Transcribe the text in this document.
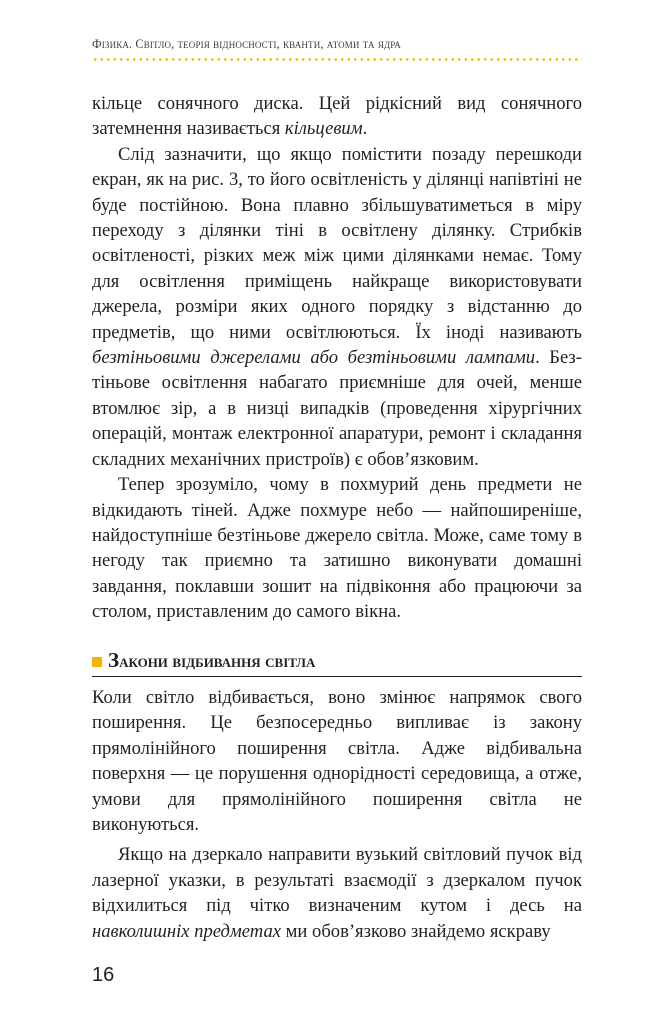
Фізика. Світло, теорія відносності, кванти, атоми та ядра

кільце сонячного диска. Цей рідкісний вид сонячного затемнення називається кільцевим.

Слід зазначити, що якщо помістити позаду перешкоди екран, як на рис. 3, то його освітленість у ділянці напівтіні не буде постійною. Вона плавно збільшуватиметься в міру переходу з ділянки тіні в освітлену ділянку. Стрибків освітленості, різких меж між цими ділянками немає. Тому для освітлення приміщень найкраще використовувати джерела, розміри яких одного порядку з відстанню до предметів, що ними освітлюються. Їх іноді називають безтіньовими джерелами або безтіньовими лампами. Безтіньове освітлення набагато приємніше для очей, менше втомлює зір, а в низці випадків (проведення хірургічних операцій, монтаж електронної апаратури, ремонт і складання складних механічних пристроїв) є обов’язковим.

Тепер зрозуміло, чому в похмурий день предмети не відкидають тіней. Адже похмуре небо — найпоширеніше, найдоступніше безтіньове джерело світла. Може, саме тому в негоду так приємно та затишно виконувати домашні завдання, поклавши зошит на підвіконня або працюючи за столом, приставленим до самого вікна.

Закони відбивання світла

Коли світло відбивається, воно змінює напрямок свого поширення. Це безпосередньо випливає із закону прямолінійного поширення світла. Адже відбивальна поверхня — це порушення однорідності середовища, а отже, умови для прямолінійного поширення світла не виконуються.

Якщо на дзеркало направити вузький світловий пучок від лазерної указки, в результаті взаємодії з дзеркалом пучок відхилиться під чітко визначеним кутом і десь на навколишніх предметах ми обов’язково знайдемо яскраву

16
